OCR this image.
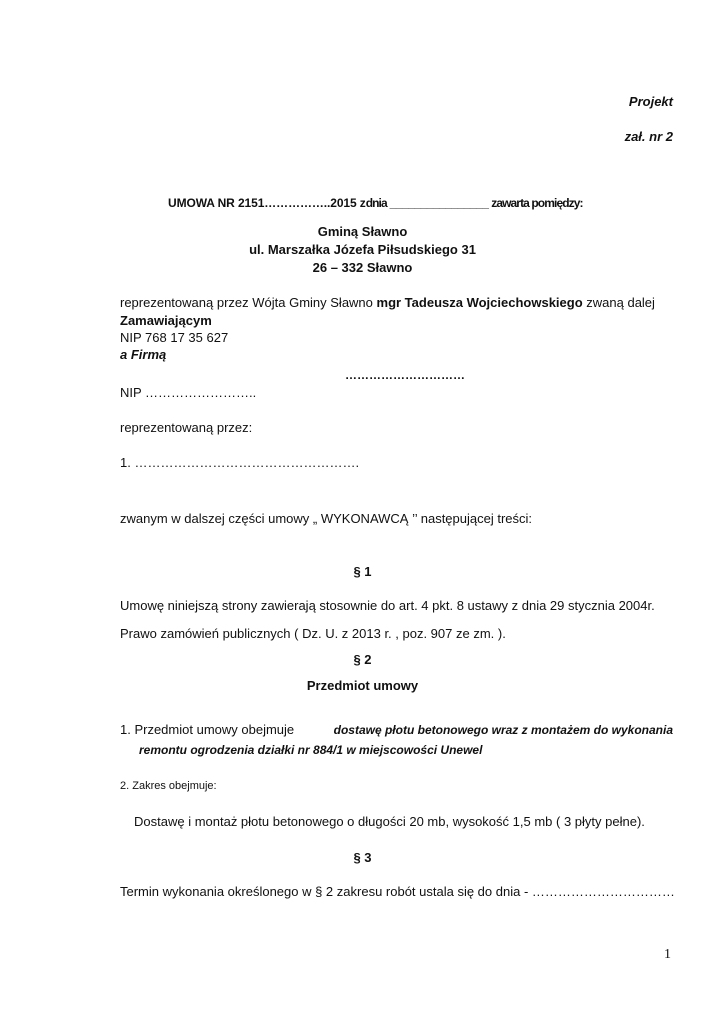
Projekt
zał. nr 2
UMOWA NR 2151……………..2015 zdnia ________________ zawarta pomiędzy:
Gminą Sławno
ul. Marszałka Józefa Piłsudskiego 31
26 – 332 Sławno
reprezentowaną przez Wójta Gminy Sławno mgr Tadeusza Wojciechowskiego zwaną dalej
Zamawiającym
NIP 768 17 35 627
a Firmą
…………………………
NIP ……………………..
reprezentowaną przez:
1. …………………………………………….
zwanym w dalszej części umowy „ WYKONAWCĄ ’’ następującej treści:
§ 1
Umowę niniejszą strony zawierają stosownie do art. 4 pkt. 8 ustawy z dnia 29 stycznia 2004r.
Prawo zamówień publicznych ( Dz. U. z 2013 r. , poz. 907 ze zm. ).
§ 2
Przedmiot umowy
1. Przedmiot umowy obejmuje	dostawę płotu betonowego wraz z montażem do wykonania
remontu ogrodzenia działki nr 884/1 w miejscowości Unewel
2. Zakres obejmuje:
Dostawę i montaż płotu betonowego o długości 20 mb, wysokość 1,5 mb ( 3 płyty pełne).
§ 3
Termin wykonania określonego w § 2 zakresu robót ustala się do dnia - ……………………………
1
